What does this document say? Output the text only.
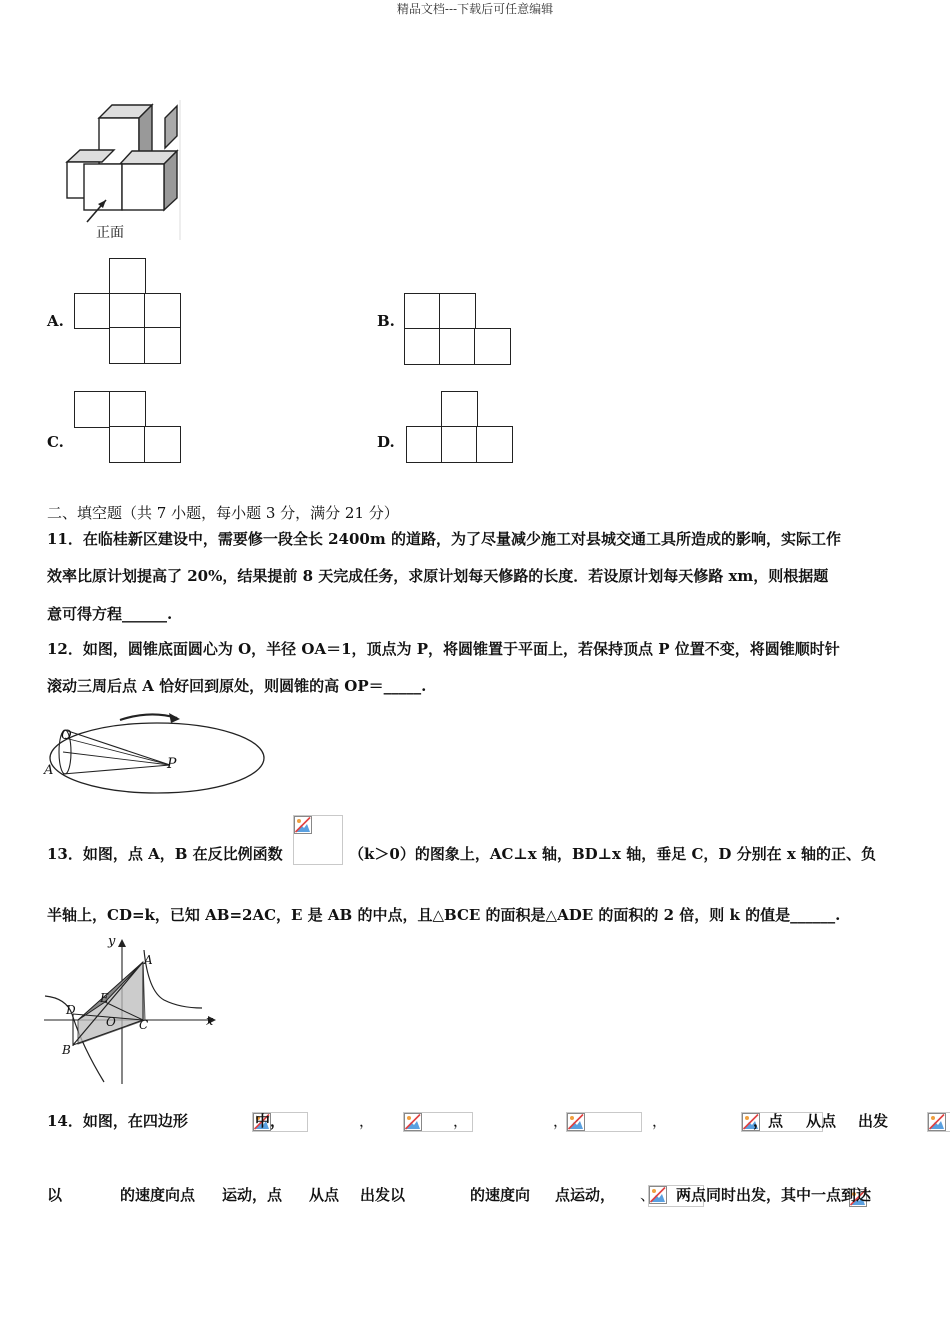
精品文档---下载后可任意编辑
正面
A.	B.
C.	D.
二、填空题（共 7 小题，每小题 3 分，满分 21 分）
11．在临桂新区建设中，需要修一段全长 2400m 的道路，为了尽量减少施工对县城交通工具所造成的影响，实际工作
效率比原计划提高了 20%，结果提前 8 天完成任务，求原计划每天修路的长度．若设原计划每天修路 xm，则根据题
意可得方程______.
12．如图，圆锥底面圆心为 O，半径 OA＝1，顶点为 P，将圆锥置于平面上，若保持顶点 P 位置不变，将圆锥顺时针
滚动三周后点 A 恰好回到原处，则圆锥的高 OP＝_____.
O
A	P
13．如图，点 A，B 在反比例函数
	（k＞0）的图象上，AC⊥x 轴，BD⊥x 轴，垂足 C，D 分别在 x 轴的正、负
半轴上，CD=k，已知 AB=2AC，E 是 AB 的中点，且△BCE 的面积是△ADE 的面积的 2 倍，则 k 的值是______.
y
x
A
D
E
O C
B
14．如图，在四边形
	中，
	，
	，
	，
	，
	，点
从点
出发
以
	的速度向点
运动，点
从点
出发以
	的速度向
点运动，
、 两点同时出发，其中一点到达
